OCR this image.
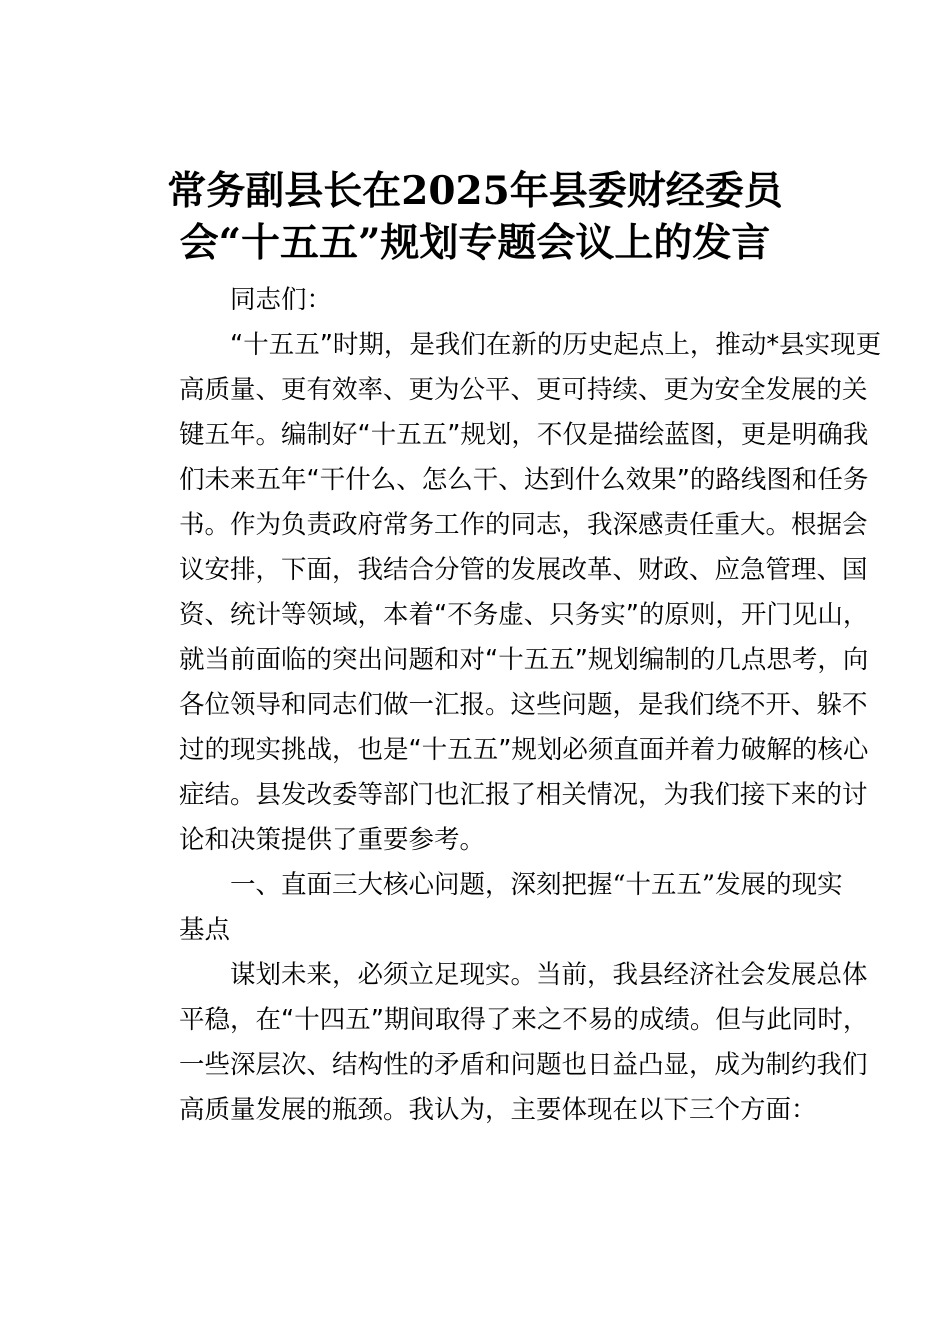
常务副县长在2025年县委财经委员
会“十五五”规划专题会议上的发言
同志们：
“十五五”时期，是我们在新的历史起点上，推动*县实现更
高质量、更有效率、更为公平、更可持续、更为安全发展的关
键五年。编制好“十五五”规划，不仅是描绘蓝图，更是明确我
们未来五年“干什么、怎么干、达到什么效果”的路线图和任务
书。作为负责政府常务工作的同志，我深感责任重大。根据会
议安排，下面，我结合分管的发展改革、财政、应急管理、国
资、统计等领域，本着“不务虚、只务实”的原则，开门见山，
就当前面临的突出问题和对“十五五”规划编制的几点思考，向
各位领导和同志们做一汇报。这些问题，是我们绕不开、躲不
过的现实挑战，也是“十五五”规划必须直面并着力破解的核心
症结。县发改委等部门也汇报了相关情况，为我们接下来的讨
论和决策提供了重要参考。
一、直面三大核心问题，深刻把握“十五五”发展的现实
基点
谋划未来，必须立足现实。当前，我县经济社会发展总体
平稳，在“十四五”期间取得了来之不易的成绩。但与此同时，
一些深层次、结构性的矛盾和问题也日益凸显，成为制约我们
高质量发展的瓶颈。我认为，主要体现在以下三个方面：
